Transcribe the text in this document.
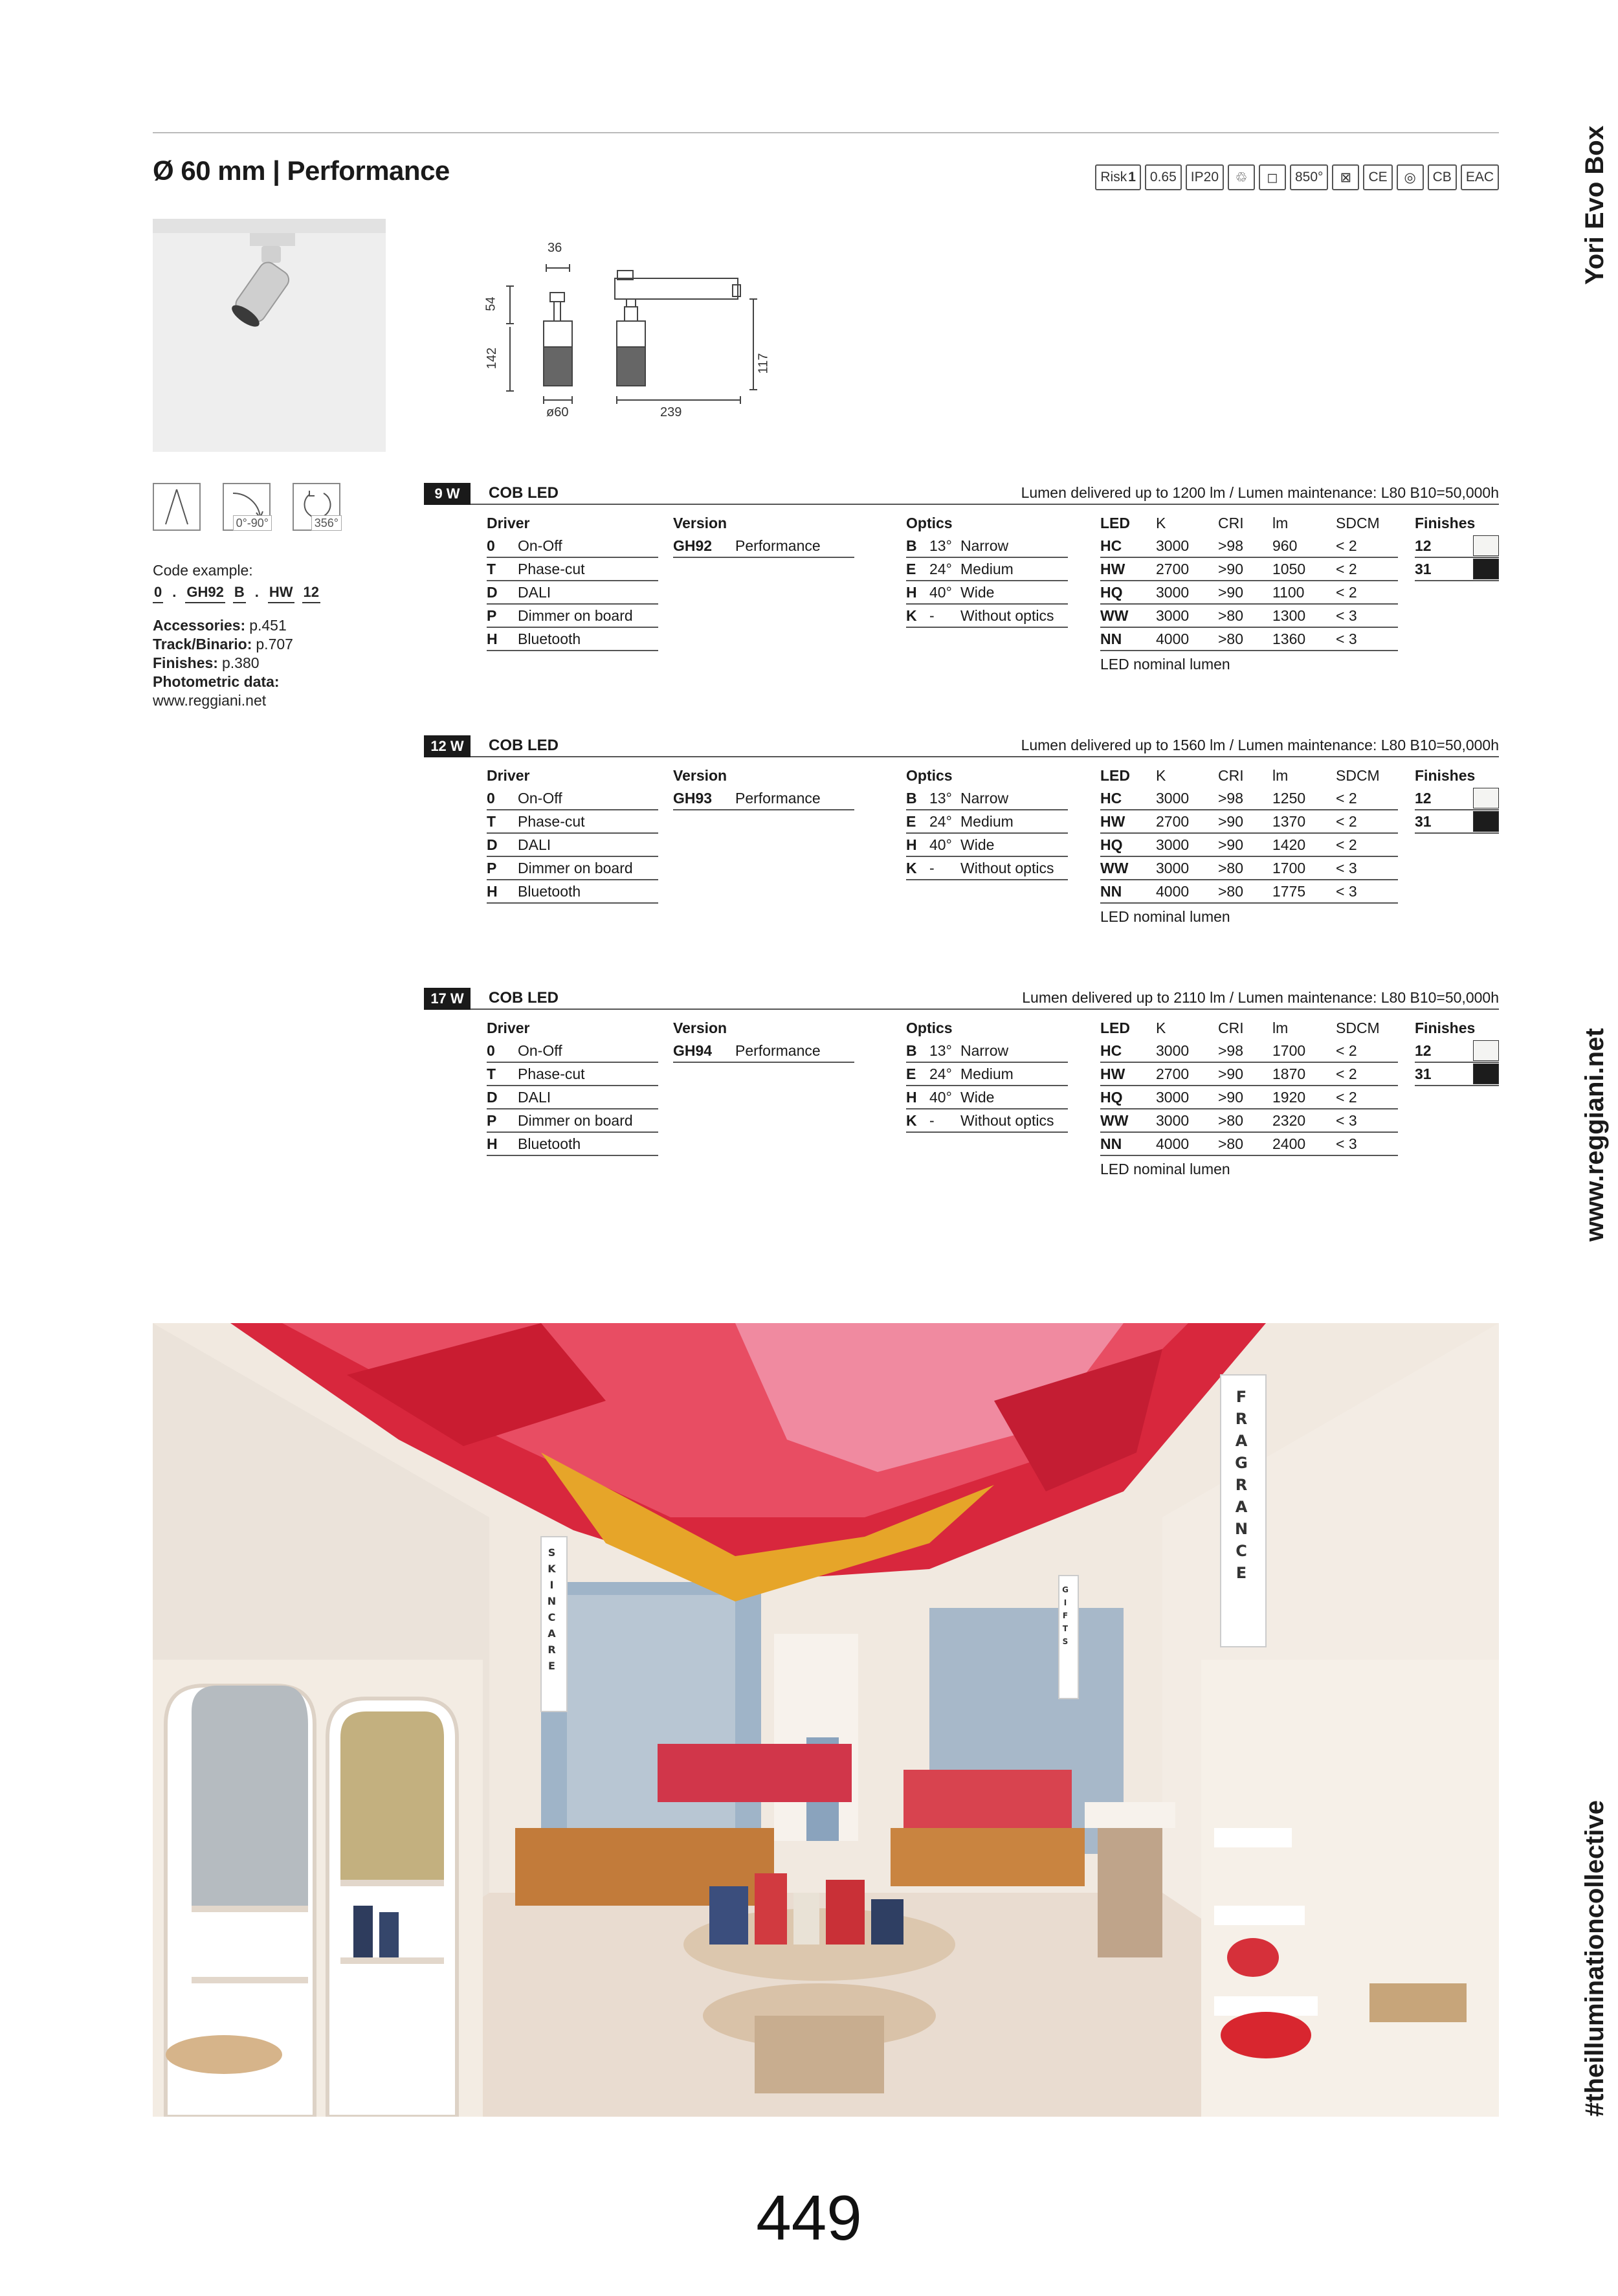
Ø 60 mm | Performance	Risk 1 0.65 IP20 ♲ ◻ 850° ⊠ CE ◎ CB EAC	Yori Evo Box
www.reggiani.net
#theilluminationcollective
36
54
142	117
ø60	239
0°-90°	356°
Code example:
0 . GH92 B . HW 12
Accessories: p.451
Track/Binario: p.707
Finishes: p.380
Photometric data:
www.reggiani.net
9 W	COB LED	Lumen delivered up to 1200 lm / Lumen maintenance: L80 B10=50,000h
Driver
0	On-Off
T	Phase-cut
D	DALI
P	Dimmer on board
H	Bluetooth
Version
GH92	Performance
Optics
B 13° Narrow
E 24° Medium
H 40° Wide
K -	Without optics
LED	K	CRI	lm	SDCM
HC	3000	>98	960	< 2
HW	2700	>90	1050	< 2
HQ	3000	>90	1100	< 2
WW	3000	>80	1300	< 3
NN	4000	>80	1360	< 3
LED nominal lumen
Finishes
12
31
12 W	COB LED	Lumen delivered up to 1560 lm / Lumen maintenance: L80 B10=50,000h
Driver
0	On-Off
T	Phase-cut
D	DALI
P	Dimmer on board
H	Bluetooth
Version
GH93	Performance
Optics
B 13° Narrow
E 24° Medium
H 40° Wide
K -	Without optics
LED	K	CRI	lm	SDCM
HC	3000	>98	1250	< 2
HW	2700	>90	1370	< 2
HQ	3000	>90	1420	< 2
WW	3000	>80	1700	< 3
NN	4000	>80	1775	< 3
LED nominal lumen
Finishes
12
31
17 W	COB LED	Lumen delivered up to 2110 lm / Lumen maintenance: L80 B10=50,000h
Driver
0	On-Off
T	Phase-cut
D	DALI
P	Dimmer on board
H	Bluetooth
Version
GH94	Performance
Optics
B 13° Narrow
E 24° Medium
H 40° Wide
K -	Without optics
LED	K	CRI	lm	SDCM
HC	3000	>98	1700	< 2
HW	2700	>90	1870	< 2
HQ	3000	>90	1920	< 2
WW	3000	>80	2320	< 3
NN	4000	>80	2400	< 3
LED nominal lumen
Finishes
12
31
FRAGRANCE
SKINCARE	GIFTS
449
